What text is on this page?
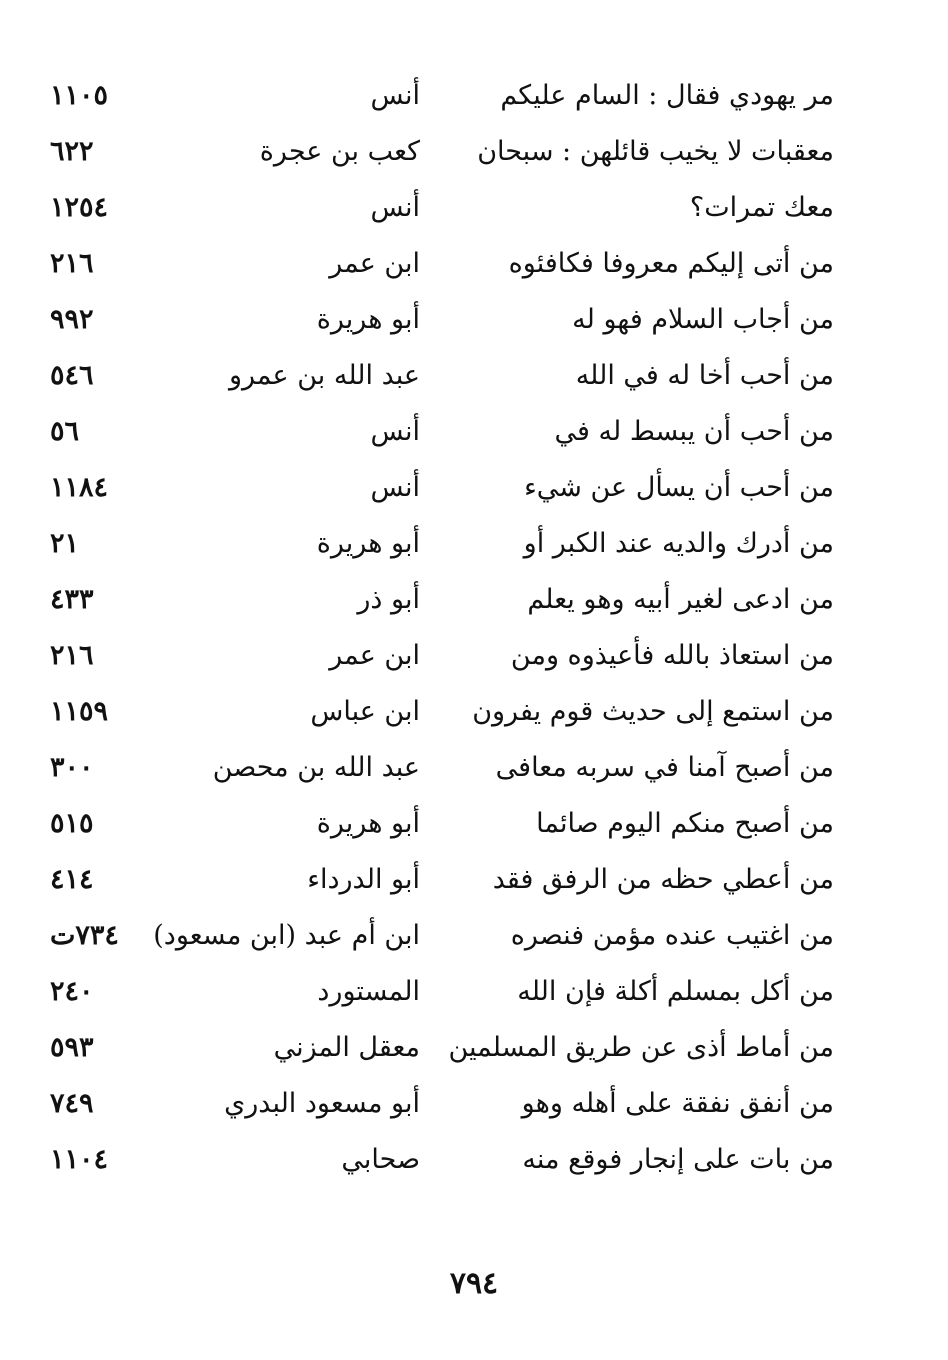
مر يهودي فقال : السام عليكم
أنس
١١٠٥
معقبات لا يخيب قائلهن : سبحان
كعب بن عجرة
٦٢٢
معك تمرات؟
أنس
١٢٥٤
من أتى إليكم معروفا فكافئوه
ابن عمر
٢١٦
من أجاب السلام فهو له
أبو هريرة
٩٩٢
من أحب أخا له في الله
عبد الله بن عمرو
٥٤٦
من أحب أن يبسط له في
أنس
٥٦
من أحب أن يسأل عن شيء
أنس
١١٨٤
من أدرك والديه عند الكبر أو
أبو هريرة
٢١
من ادعى لغير أبيه وهو يعلم
أبو ذر
٤٣٣
من استعاذ بالله فأعيذوه ومن
ابن عمر
٢١٦
من استمع إلى حديث قوم يفرون
ابن عباس
١١٥٩
من أصبح آمنا في سربه معافى
عبد الله بن محصن
٣٠٠
من أصبح منكم اليوم صائما
أبو هريرة
٥١٥
من أعطي حظه من الرفق فقد
أبو الدرداء
٤١٤
من اغتيب عنده مؤمن فنصره
ابن أم عبد (ابن مسعود)
٧٣٤ت
من أكل بمسلم أكلة فإن الله
المستورد
٢٤٠
من أماط أذى عن طريق المسلمين
معقل المزني
٥٩٣
من أنفق نفقة على أهله وهو
أبو مسعود البدري
٧٤٩
من بات على إنجار فوقع منه
صحابي
١١٠٤
٧٩٤
